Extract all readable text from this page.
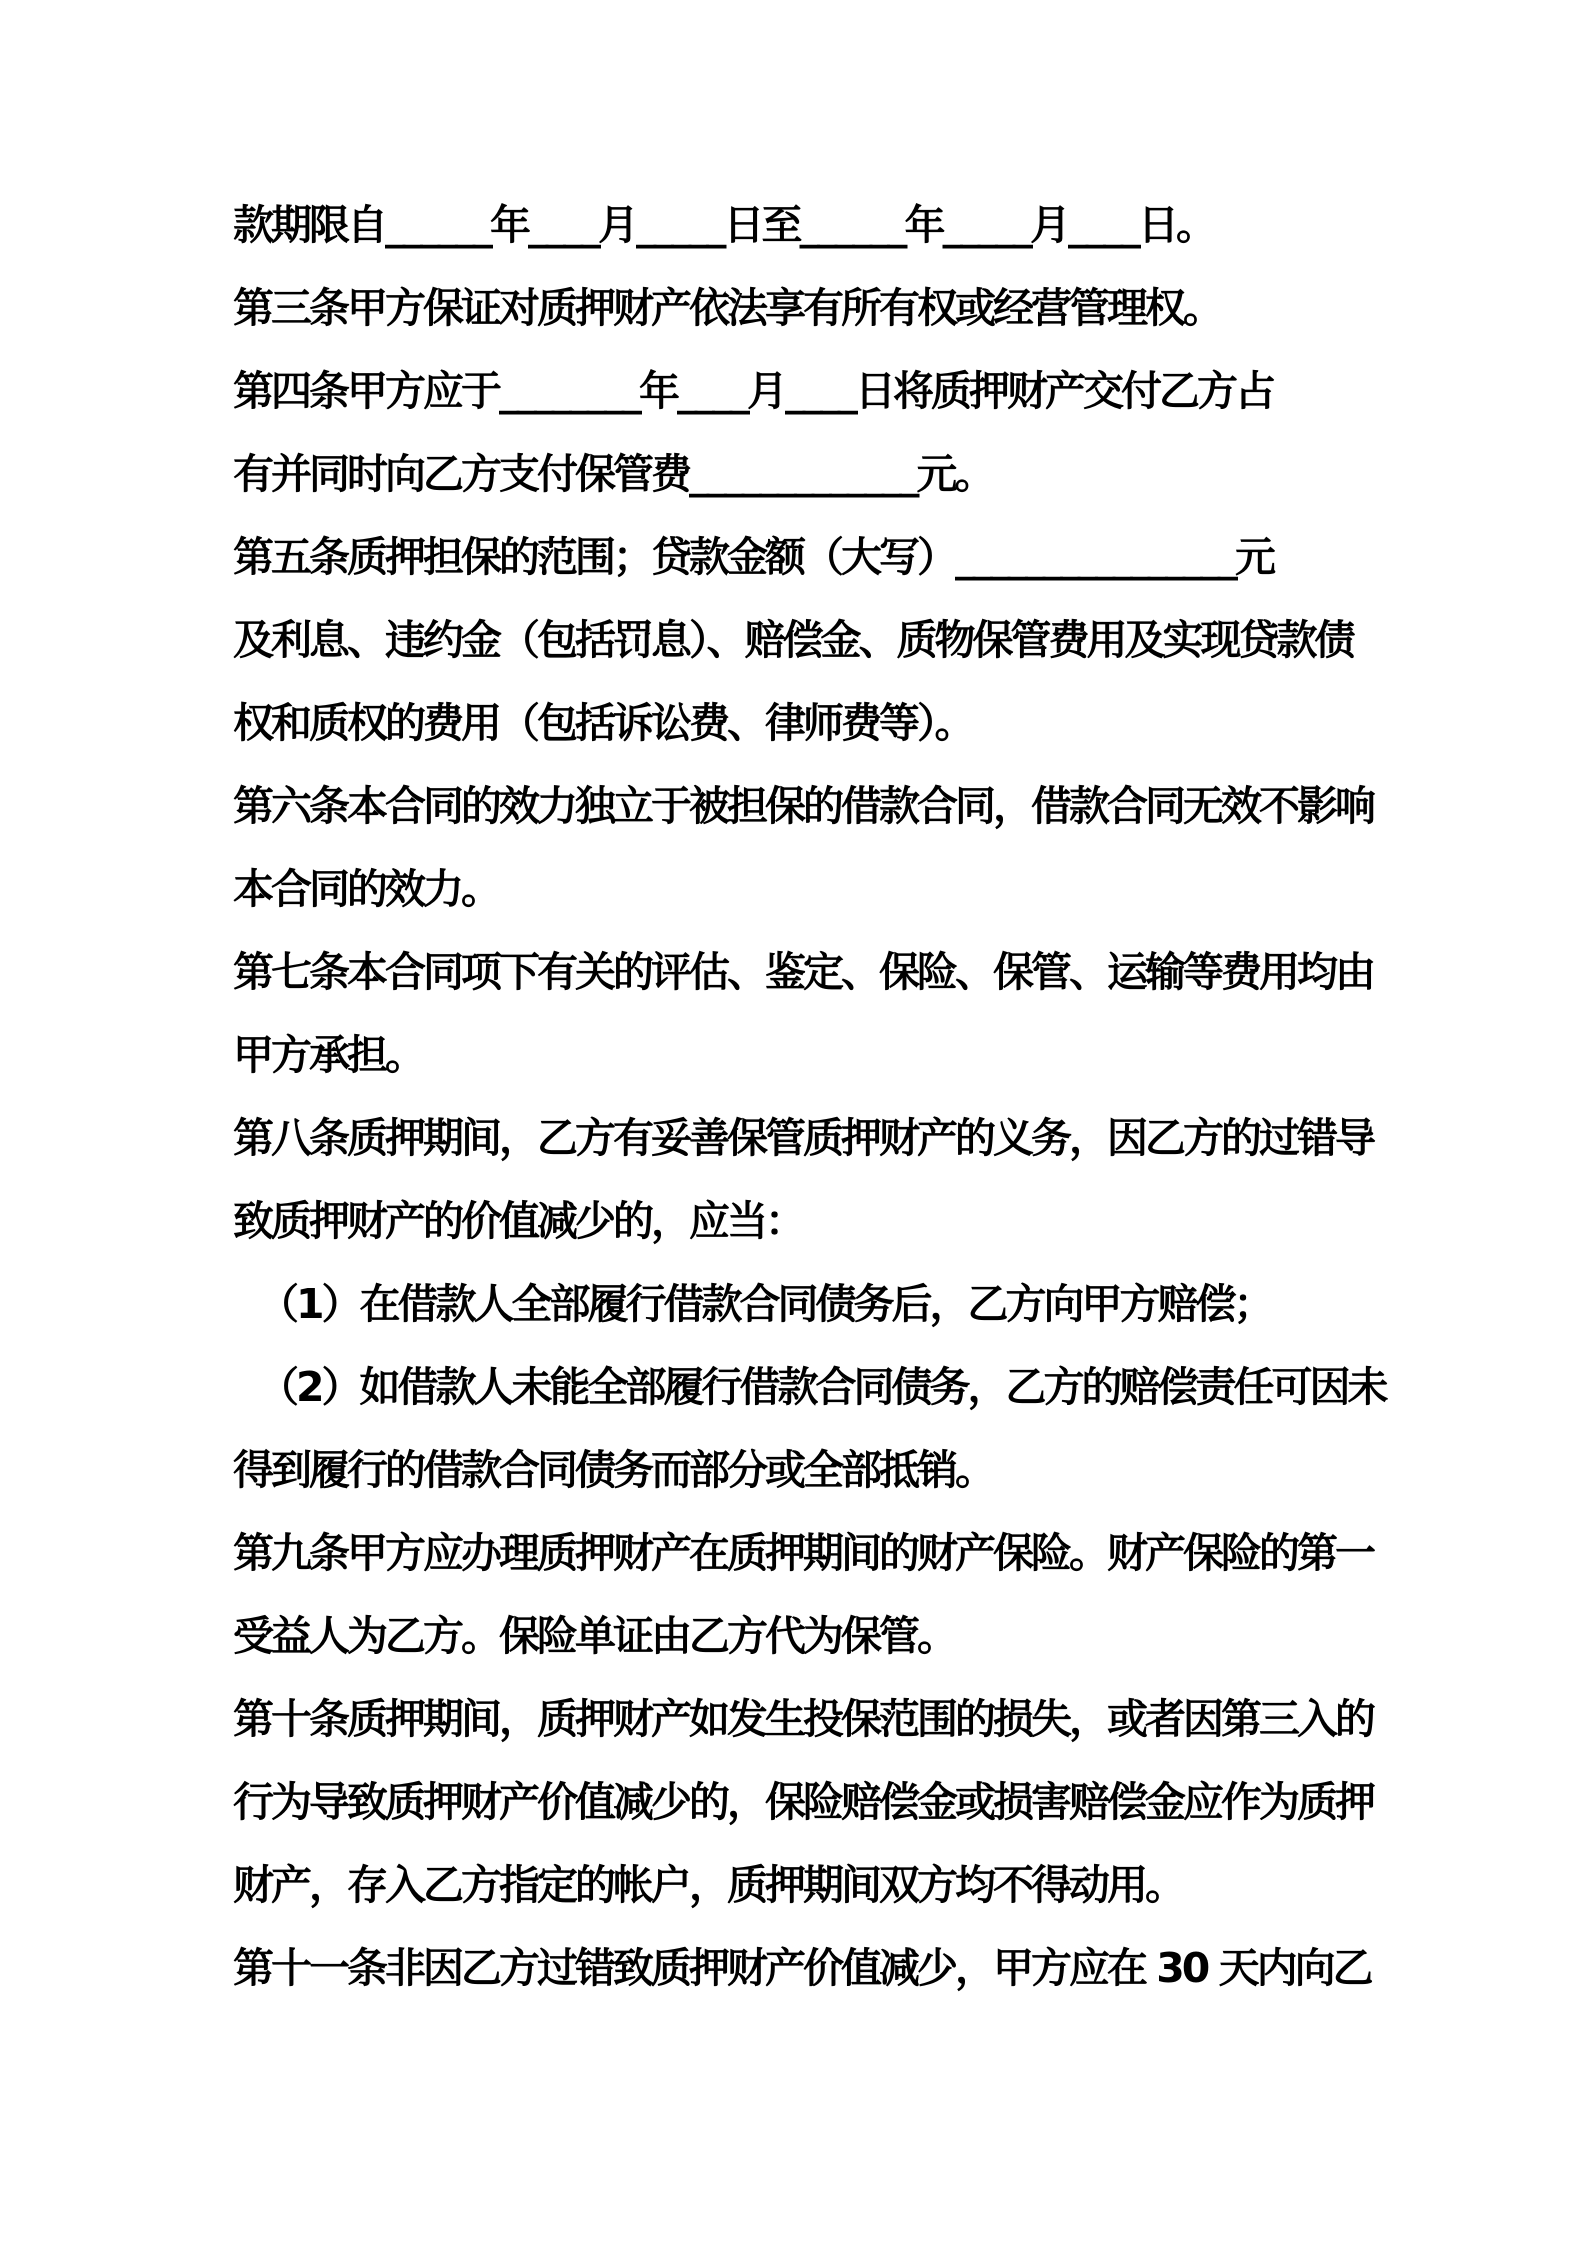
款期限自______年____月_____日至______年_____月____日。
第三条甲方保证对质押财产依法享有所有权或经营管理权。
第四条甲方应于________年____月____日将质押财产交付乙方占
有并同时向乙方支付保管费_____________元。
第五条质押担保的范围；贷款金额（大写）________________元
及利息、违约金（包括罚息）、赔偿金、质物保管费用及实现贷款债
权和质权的费用（包括诉讼费、律师费等）。
第六条本合同的效力独立于被担保的借款合同，借款合同无效不影响
本合同的效力。
第七条本合同项下有关的评估、鉴定、保险、保管、运输等费用均由
甲方承担。
第八条质押期间，乙方有妥善保管质押财产的义务，因乙方的过错导
致质押财产的价值减少的，应当：
（1）在借款人全部履行借款合同债务后，乙方向甲方赔偿；
（2）如借款人未能全部履行借款合同债务，乙方的赔偿责任可因未
得到履行的借款合同债务而部分或全部抵销。
第九条甲方应办理质押财产在质押期间的财产保险。财产保险的第一
受益人为乙方。保险单证由乙方代为保管。
第十条质押期间，质押财产如发生投保范围的损失，或者因第三入的
行为导致质押财产价值减少的，保险赔偿金或损害赔偿金应作为质押
财产，存入乙方指定的帐户，质押期间双方均不得动用。
第十一条非因乙方过错致质押财产价值减少，甲方应在 30 天内向乙
